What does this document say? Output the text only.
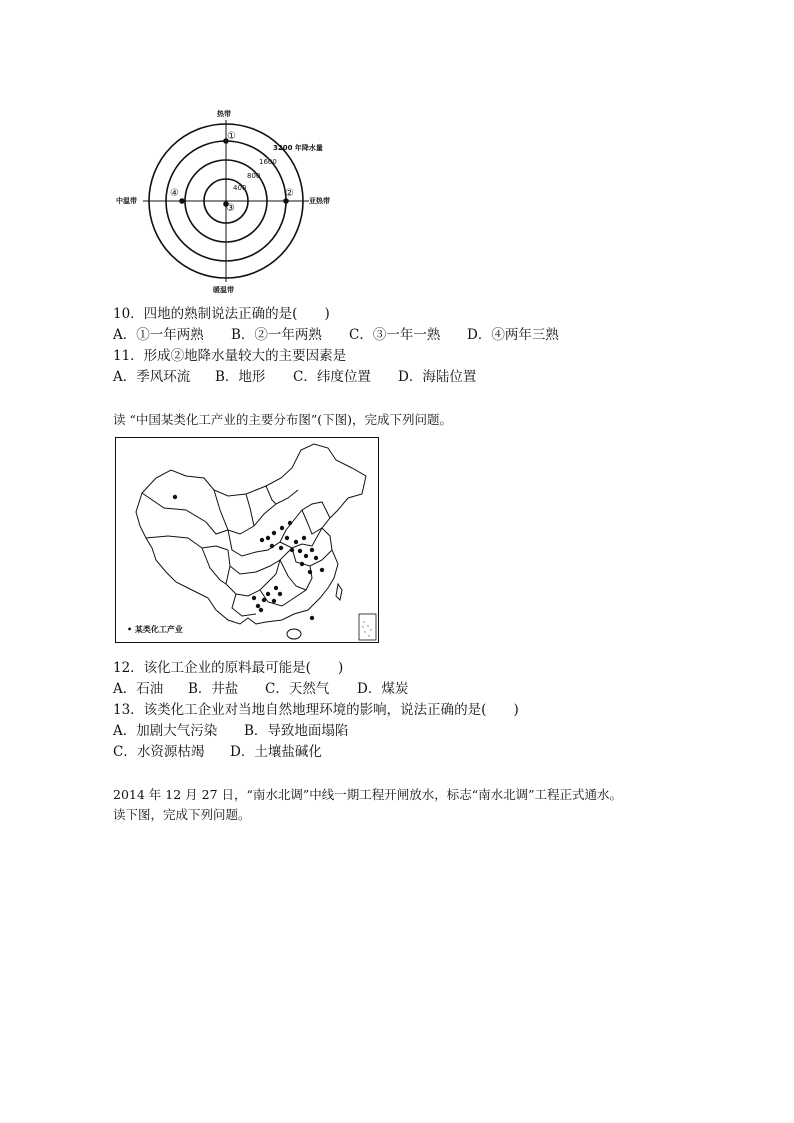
热带
暖温带
中温带	亚热带
400
800
1600
3200 年降水量
①
②
③
④
10．四地的熟制说法正确的是(　　)
A．①一年两熟 B．②一年两熟 C．③一年一熟 D．④两年三熟
11．形成②地降水量较大的主要因素是
A．季风环流 B．地形 C．纬度位置 D．海陆位置
读 “中国某类化工产业的主要分布图”(下图)，完成下列问题。
• 某类化工产业
12．该化工企业的原料最可能是(　　)
A．石油 B．井盐 C．天然气 D．煤炭
13．该类化工企业对当地自然地理环境的影响，说法正确的是(　　)
A．加剧大气污染 B．导致地面塌陷
C．水资源枯竭 D．土壤盐碱化
2014 年 12 月 27 日，“南水北调”中线一期工程开闸放水，标志“南水北调”工程正式通水。
读下图，完成下列问题。
